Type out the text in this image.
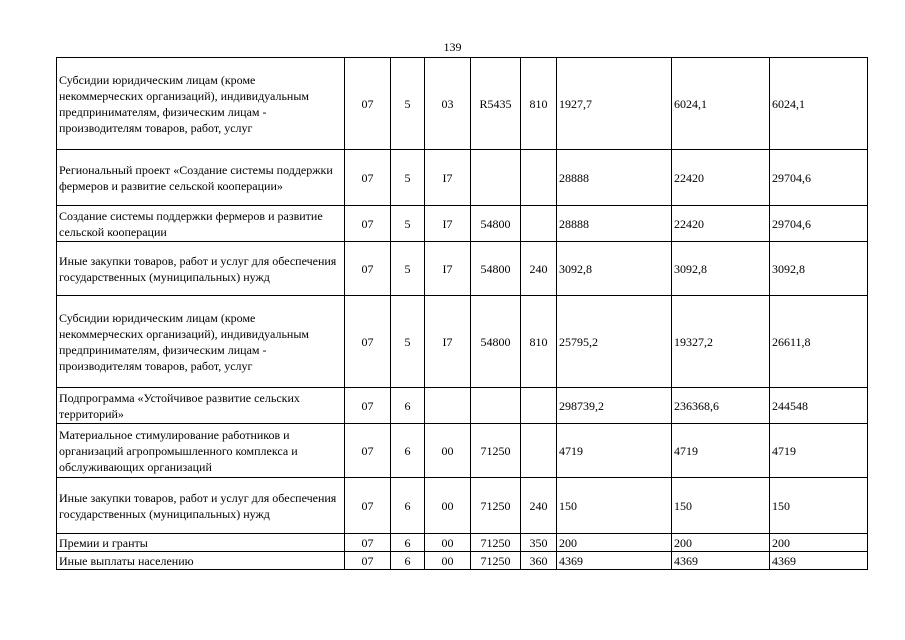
139
Субсидии юридическим лицам (кроме некоммерческих организаций), индивидуальным предпринимателям, физическим лицам - производителям товаров, работ, услуг	07	5	03	R5435	810	1927,7	6024,1	6024,1
Региональный проект «Создание системы поддержки фермеров и развитие сельской кооперации»	07	5	I7			28888	22420	29704,6
Создание системы поддержки фермеров и развитие сельской кооперации	07	5	I7	54800		28888	22420	29704,6
Иные закупки товаров, работ и услуг для обеспечения государственных (муниципальных) нужд	07	5	I7	54800	240	3092,8	3092,8	3092,8
Субсидии юридическим лицам (кроме некоммерческих организаций), индивидуальным предпринимателям, физическим лицам - производителям товаров, работ, услуг	07	5	I7	54800	810	25795,2	19327,2	26611,8
Подпрограмма «Устойчивое развитие сельских территорий»	07	6				298739,2	236368,6	244548
Материальное стимулирование работников и организаций агропромышленного комплекса и обслуживающих организаций	07	6	00	71250		4719	4719	4719
Иные закупки товаров, работ и услуг для обеспечения государственных (муниципальных) нужд	07	6	00	71250	240	150	150	150
Премии и гранты	07	6	00	71250	350	200	200	200
Иные выплаты населению	07	6	00	71250	360	4369	4369	4369
